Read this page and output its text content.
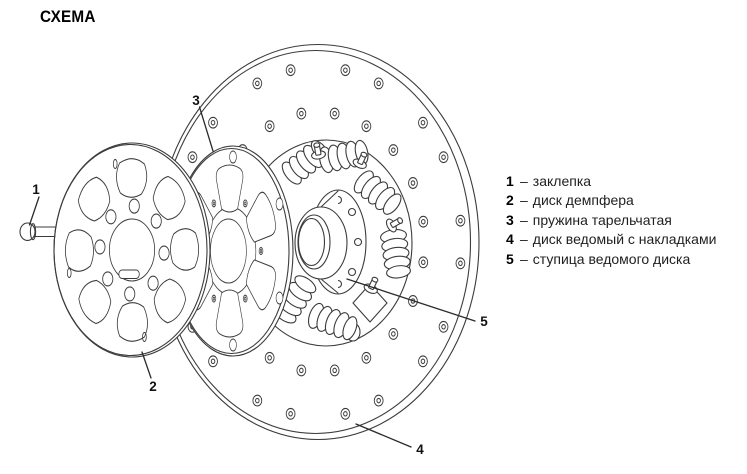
СХЕМА
1
2
3
4
5
1 – заклепка
2 – диск демпфера
3 – пружина тарельчатая
4 – диск ведомый с накладками
5 – ступица ведомого диска
